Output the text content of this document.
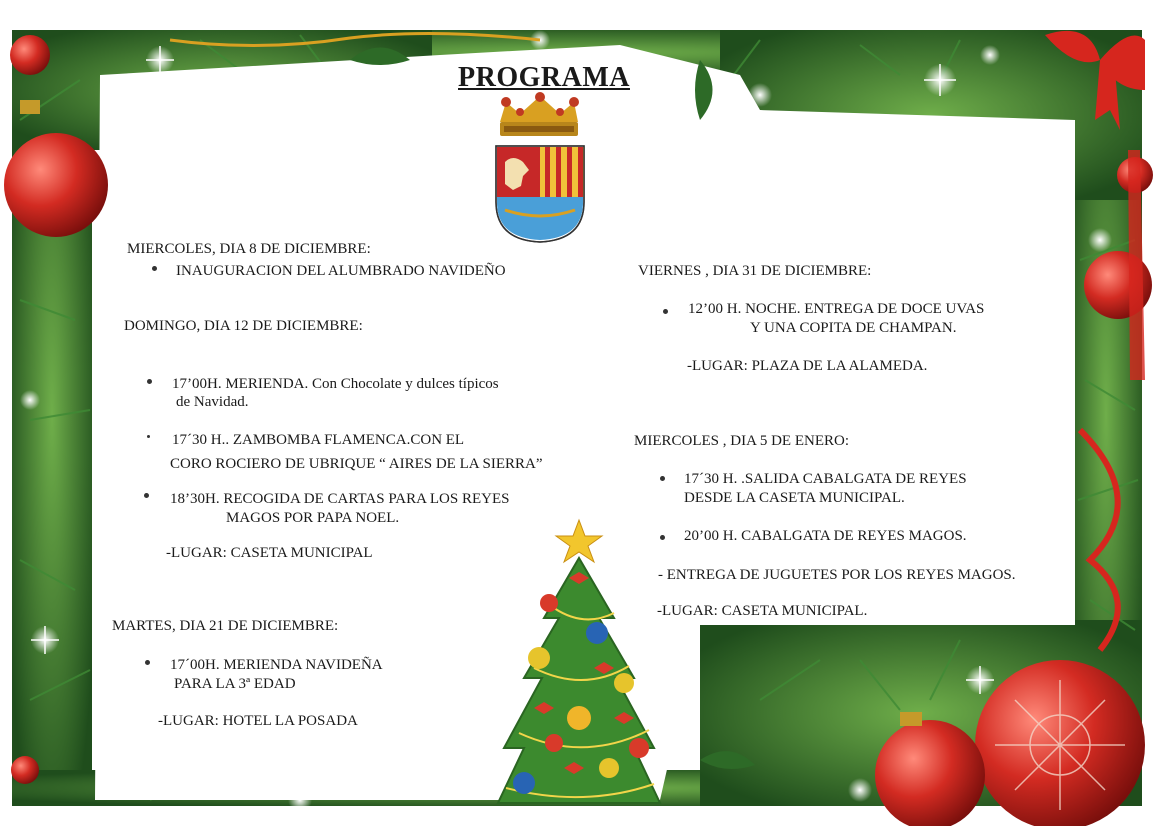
PROGRAMA
MIERCOLES, DIA 8 DE DICIEMBRE:
INAUGURACION DEL ALUMBRADO NAVIDEÑO
DOMINGO, DIA 12 DE DICIEMBRE:
17’00H. MERIENDA. Con Chocolate y dulces típicos
de Navidad.
17´30 H.. ZAMBOMBA FLAMENCA.CON EL
CORO ROCIERO DE UBRIQUE “ AIRES DE LA SIERRA”
18’30H. RECOGIDA DE CARTAS PARA LOS REYES
MAGOS POR PAPA NOEL.
-LUGAR: CASETA MUNICIPAL
MARTES, DIA 21 DE DICIEMBRE:
17´00H. MERIENDA NAVIDEÑA
PARA LA 3ª EDAD
-LUGAR: HOTEL LA POSADA
VIERNES , DIA 31 DE DICIEMBRE:
12’00 H. NOCHE. ENTREGA DE DOCE UVAS
Y UNA COPITA DE CHAMPAN.
-LUGAR: PLAZA DE LA ALAMEDA.
MIERCOLES , DIA 5 DE ENERO:
17´30 H. .SALIDA CABALGATA DE REYES
DESDE LA CASETA MUNICIPAL.
20’00 H. CABALGATA DE REYES MAGOS.
- ENTREGA DE JUGUETES POR LOS REYES MAGOS.
-LUGAR: CASETA MUNICIPAL.
